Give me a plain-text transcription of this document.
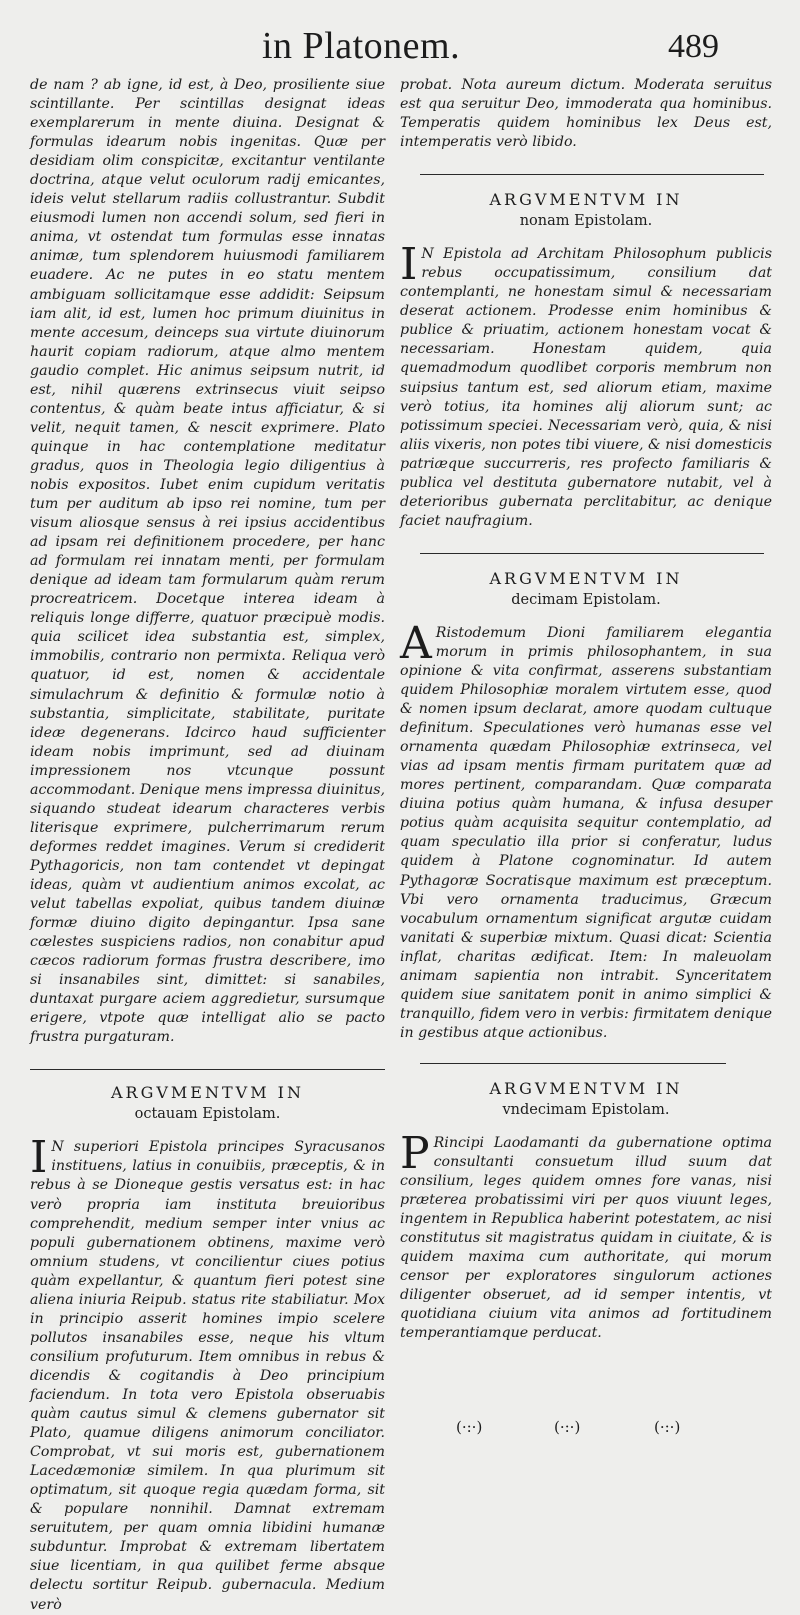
in Platonem.	489

de nam ? ab igne, id est, à Deo, prosiliente siue scintillante. Per scintillas designat ideas exemplarerum in mente diuina. Designat & formulas idearum nobis ingenitas. Quæ per desidiam olim conspicitæ, excitantur ventilante doctrina, atque velut oculorum radij emicantes, ideis velut stellarum radiis collustrantur. Subdit eiusmodi lumen non accendi solum, sed fieri in anima, vt ostendat tum formulas esse innatas animæ, tum splendorem huiusmodi familiarem euadere. Ac ne putes in eo statu mentem ambiguam sollicitamque esse addidit: Seipsum iam alit, id est, lumen hoc primum diuinitus in mente accesum, deinceps sua virtute diuinorum haurit copiam radiorum, atque almo mentem gaudio complet. Hic animus seipsum nutrit, id est, nihil quærens extrinsecus viuit seipso contentus, & quàm beate intus afficiatur, & si velit, nequit tamen, & nescit exprimere. Plato quinque in hac contemplatione meditatur gradus, quos in Theologia legio diligentius à nobis expositos. Iubet enim cupidum veritatis tum per auditum ab ipso rei nomine, tum per visum aliosque sensus à rei ipsius accidentibus ad ipsam rei definitionem procedere, per hanc ad formulam rei innatam menti, per formulam denique ad ideam tam formularum quàm rerum procreatricem. Docetque interea ideam à reliquis longe differre, quatuor præcipuè modis. quia scilicet idea substantia est, simplex, immobilis, contrario non permixta. Reliqua verò quatuor, id est, nomen & accidentale simulachrum & definitio & formulæ notio à substantia, simplicitate, stabilitate, puritate ideæ degenerans. Idcirco haud sufficienter ideam nobis imprimunt, sed ad diuinam impressionem nos vtcunque possunt accommodant. Denique mens impressa diuinitus, siquando studeat idearum characteres verbis literisque exprimere, pulcherrimarum rerum deformes reddet imagines. Verum si crediderit Pythagoricis, non tam contendet vt depingat ideas, quàm vt audientium animos excolat, ac velut tabellas expoliat, quibus tandem diuinæ formæ diuino digito depingantur. Ipsa sane cœlestes suspiciens radios, non conabitur apud cæcos radiorum formas frustra describere, imo si insanabiles sint, dimittet: si sanabiles, duntaxat purgare aciem aggredietur, sursumque erigere, vtpote quæ intelligat alio se pacto frustra purgaturam.

ARGVMENTVM IN
octauam Epistolam.

I N superiori Epistola principes Syracusanos instituens, latius in conuibiis, præceptis, & in rebus à se Dioneque gestis versatus est: in hac verò propria iam instituta breuioribus comprehendit, medium semper inter vnius ac populi gubernationem obtinens, maxime verò omnium studens, vt concilientur ciues potius quàm expellantur, & quantum fieri potest sine aliena iniuria Reipub. status rite stabiliatur. Mox in principio asserit homines impio scelere pollutos insanabiles esse, neque his vltum consilium profuturum. Item omnibus in rebus & dicendis & cogitandis à Deo principium faciendum. In tota vero Epistola obseruabis quàm cautus simul & clemens gubernator sit Plato, quamue diligens animorum conciliator. Comprobat, vt sui moris est, gubernationem Lacedæmoniæ similem. In qua plurimum sit optimatum, sit quoque regia quædam forma, sit & populare nonnihil. Damnat extremam seruitutem, per quam omnia libidini humanæ subduntur. Improbat & extremam libertatem siue licentiam, in qua quilibet ferme absque delectu sortitur Reipub. gubernacula. Medium verò

probat. Nota aureum dictum. Moderata seruitus est qua seruitur Deo, immoderata qua hominibus. Temperatis quidem hominibus lex Deus est, intemperatis verò libido.

ARGVMENTVM IN
nonam Epistolam.

I N Epistola ad Architam Philosophum publicis rebus occupatissimum, consilium dat contemplanti, ne honestam simul & necessariam deserat actionem. Prodesse enim hominibus & publice & priuatim, actionem honestam vocat & necessariam. Honestam quidem, quia quemadmodum quodlibet corporis membrum non suipsius tantum est, sed aliorum etiam, maxime verò totius, ita homines alij aliorum sunt; ac potissimum speciei. Necessariam verò, quia, & nisi aliis vixeris, non potes tibi viuere, & nisi domesticis patriæque succurreris, res profecto familiaris & publica vel destituta gubernatore nutabit, vel à deterioribus gubernata perclitabitur, ac denique faciet naufragium.

ARGVMENTVM IN
decimam Epistolam.

A Ristodemum Dioni familiarem elegantia morum in primis philosophantem, in sua opinione & vita confirmat, asserens substantiam quidem Philosophiæ moralem virtutem esse, quod & nomen ipsum declarat, amore quodam cultuque definitum. Speculationes verò humanas esse vel ornamenta quædam Philosophiæ extrinseca, vel vias ad ipsam mentis firmam puritatem quæ ad mores pertinent, comparandam. Quæ comparata diuina potius quàm humana, & infusa desuper potius quàm acquisita sequitur contemplatio, ad quam speculatio illa prior si conferatur, ludus quidem à Platone cognominatur. Id autem Pythagoræ Socratisque maximum est præceptum. Vbi vero ornamenta traducimus, Græcum vocabulum ornamentum significat argutæ cuidam vanitati & superbiæ mixtum. Quasi dicat: Scientia inflat, charitas ædificat. Item: In maleuolam animam sapientia non intrabit. Synceritatem quidem siue sanitatem ponit in animo simplici & tranquillo, fidem vero in verbis: firmitatem denique in gestibus atque actionibus.

ARGVMENTVM IN
vndecimam Epistolam.

P Rincipi Laodamanti da gubernatione optima consultanti consuetum illud suum dat consilium, leges quidem omnes fore vanas, nisi præterea probatissimi viri per quos viuunt leges, ingentem in Republica haberint potestatem, ac nisi constitutus sit magistratus quidam in ciuitate, & is quidem maxima cum authoritate, qui morum censor per exploratores singulorum actiones diligenter obseruet, ad id semper intentis, vt quotidiana ciuium vita animos ad fortitudinem temperantiamque perducat.

(·:·)	(·:·)	(·:·)
